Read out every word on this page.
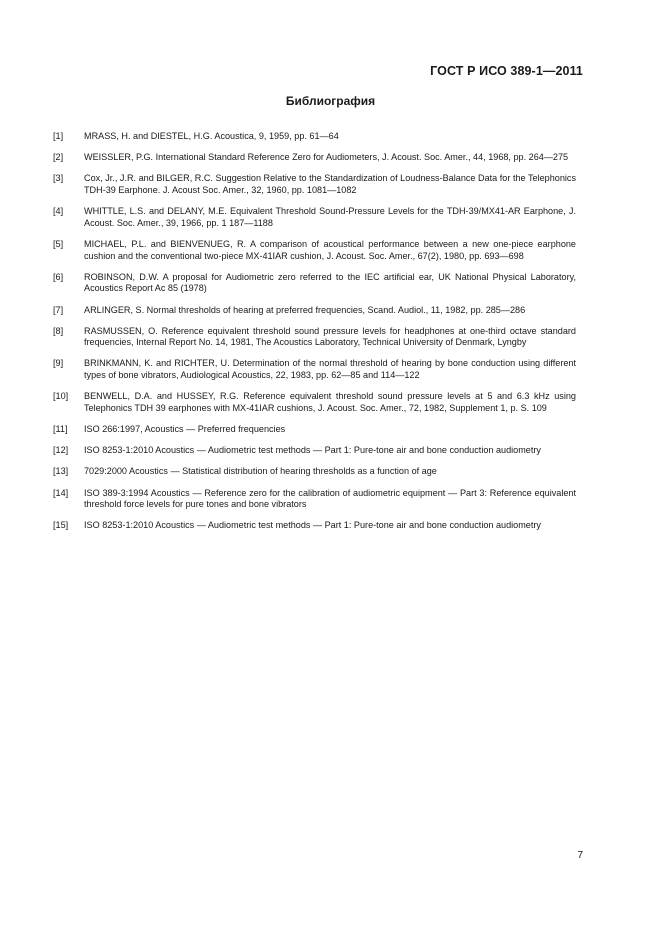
ГОСТ Р ИСО 389-1—2011
Библиография
[1]	MRASS, H. and DIESTEL, H.G. Acoustica, 9, 1959, pp. 61—64
[2]	WEISSLER, P.G. International Standard Reference Zero for Audiometers, J. Acoust. Soc. Amer., 44, 1968, pp. 264—275
[3]	Cox, Jr., J.R. and BILGER, R.C. Suggestion Relative to the Standardization of Loudness-Balance Data for the Telephonics TDH-39 Earphone. J. Acoust Soc. Amer., 32, 1960, pp. 1081—1082
[4]	WHITTLE, L.S. and DELANY, M.E. Equivalent Threshold Sound-Pressure Levels for the TDH-39/MX41-AR Earphone, J. Acoust. Soc. Amer., 39, 1966, pp. 1 187—1188
[5]	MICHAEL, P.L. and BIENVENUEG, R. A comparison of acoustical performance between a new one-piece earphone cushion and the conventional two-piece MX-41IAR cushion, J. Acoust. Soc. Amer., 67(2), 1980, pp. 693—698
[6]	ROBINSON, D.W. A proposal for Audiometric zero referred to the IEC artificial ear, UK National Physical Laboratory, Acoustics Report Ac 85 (1978)
[7]	ARLINGER, S. Normal thresholds of hearing at preferred frequencies, Scand. Audiol., 11, 1982, pp. 285—286
[8]	RASMUSSEN, O. Reference equivalent threshold sound pressure levels for headphones at one-third octave standard frequencies, Internal Report No. 14, 1981, The Acoustics Laboratory, Technical University of Denmark, Lyngby
[9]	BRINKMANN, K. and RICHTER, U. Determination of the normal threshold of hearing by bone conduction using different types of bone vibrators, Audiological Acoustics, 22, 1983, pp. 62—85 and 114—122
[10]	BENWELL, D.A. and HUSSEY, R.G. Reference equivalent threshold sound pressure levels at 5 and 6.3 kHz using Telephonics TDH 39 earphones with MX-41IAR cushions, J. Acoust. Soc. Amer., 72, 1982, Supplement 1, p. S. 109
[11]	ISO 266:1997, Acoustics — Preferred frequencies
[12]	ISO 8253-1:2010 Acoustics — Audiometric test methods — Part 1: Pure-tone air and bone conduction audiometry
[13]	7029:2000 Acoustics — Statistical distribution of hearing thresholds as a function of age
[14]	ISO 389-3:1994 Acoustics — Reference zero for the calibration of audiometric equipment — Part 3: Reference equivalent threshold force levels for pure tones and bone vibrators
[15]	ISO 8253-1:2010 Acoustics — Audiometric test methods — Part 1: Pure-tone air and bone conduction audiometry
7
